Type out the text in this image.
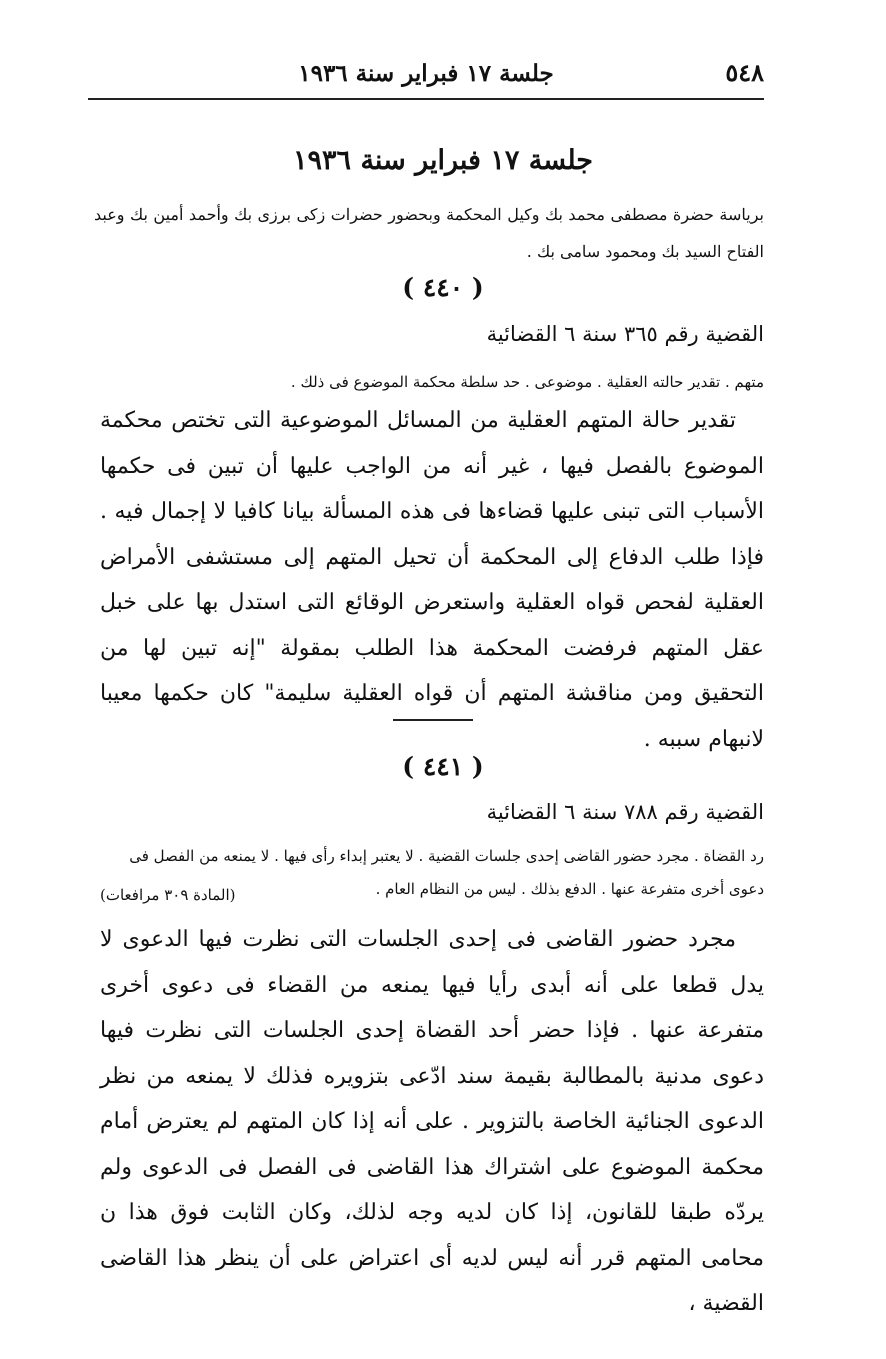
٥٤٨
جلسة ١٧ فبراير سنة ١٩٣٦
جلسة ١٧ فبراير سنة ١٩٣٦
برياسة حضرة مصطفى محمد بك وكيل المحكمة وبحضور حضرات زكى برزى بك وأحمد أمين بك وعبد الفتاح السيد بك ومحمود سامى بك .
( ٤٤٠ )
القضية رقم ٣٦٥ سنة ٦ القضائية
متهم . تقدير حالته العقلية . موضوعى . حد سلطة محكمة الموضوع فى ذلك .
تقدير حالة المتهم العقلية من المسائل الموضوعية التى تختص محكمة الموضوع بالفصل فيها ، غير أنه من الواجب عليها أن تبين فى حكمها الأسباب التى تبنى عليها قضاءها فى هذه المسألة بيانا كافيا لا إجمال فيه . فإذا طلب الدفاع إلى المحكمة أن تحيل المتهم إلى مستشفى الأمراض العقلية لفحص قواه العقلية واستعرض الوقائع التى استدل بها على خبل عقل المتهم فرفضت المحكمة هذا الطلب بمقولة "إنه تبين لها من التحقيق ومن مناقشة المتهم أن قواه العقلية سليمة" كان حكمها معيبا لانبهام سببه .
( ٤٤١ )
القضية رقم ٧٨٨ سنة ٦ القضائية
رد القضاة . مجرد حضور القاضى إحدى جلسات القضية . لا يعتبر إبداء رأى فيها . لا يمنعه من الفصل فى دعوى أخرى متفرعة عنها . الدفع بذلك . ليس من النظام العام .
(المادة ٣٠٩ مرافعات)
مجرد حضور القاضى فى إحدى الجلسات التى نظرت فيها الدعوى لا يدل قطعا على أنه أبدى رأيا فيها يمنعه من القضاء فى دعوى أخرى متفرعة عنها . فإذا حضر أحد القضاة إحدى الجلسات التى نظرت فيها دعوى مدنية بالمطالبة بقيمة سند ادّعى بتزويره فذلك لا يمنعه من نظر الدعوى الجنائية الخاصة بالتزوير . على أنه إذا كان المتهم لم يعترض أمام محكمة الموضوع على اشتراك هذا القاضى فى الفصل فى الدعوى ولم يردّه طبقا للقانون، إذا كان لديه وجه لذلك، وكان الثابت فوق هذا ن محامى المتهم قرر أنه ليس لديه أى اعتراض على أن ينظر هذا القاضى القضية ،
